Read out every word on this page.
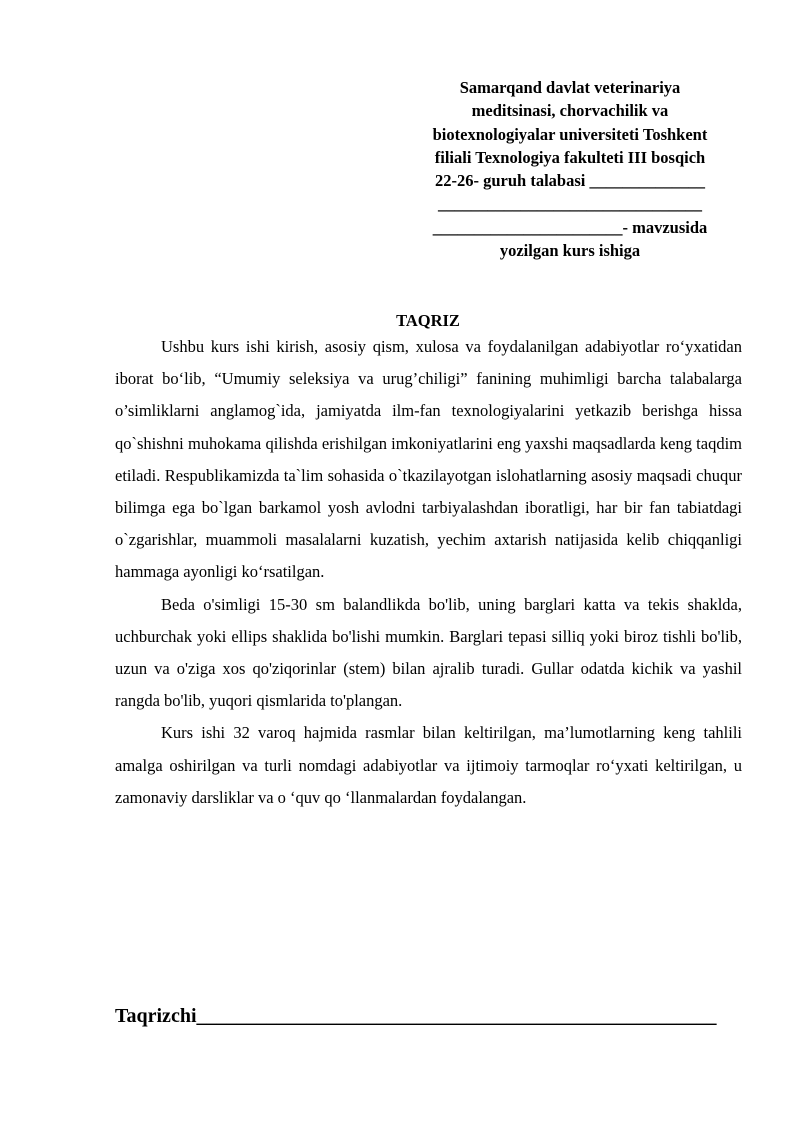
Samarqand davlat veterinariya
meditsinasi, chorvachilik va
biotexnologiyalar universiteti Toshkent
filiali Texnologiya fakulteti III bosqich
22-26- guruh talabasi ______________
________________________________
_______________________- mavzusida
yozilgan kurs ishiga
TAQRIZ

Ushbu kurs ishi kirish, asosiy qism, xulosa va foydalanilgan adabiyotlar ro‘yxatidan iborat bo‘lib, “Umumiy seleksiya va urug’chiligi” fanining muhimligi barcha talabalarga o’simliklarni anglamog`ida, jamiyatda ilm-fan texnologiyalarini yetkazib berishga hissa qo`shishni muhokama qilishda erishilgan imkoniyatlarini eng yaxshi maqsadlarda keng taqdim etiladi. Respublikamizda ta`lim sohasida o`tkazilayotgan islohatlarning asosiy maqsadi chuqur bilimga ega bo`lgan barkamol yosh avlodni tarbiyalashdan iboratligi, har bir fan tabiatdagi o`zgarishlar, muammoli masalalarni kuzatish, yechim axtarish natijasida kelib chiqqanligi hammaga ayonligi ko‘rsatilgan.

Beda o'simligi 15-30 sm balandlikda bo'lib, uning barglari katta va tekis shaklda, uchburchak yoki ellips shaklida bo'lishi mumkin. Barglari tepasi silliq yoki biroz tishli bo'lib, uzun va o'ziga xos qo'ziqorinlar (stem) bilan ajralib turadi. Gullar odatda kichik va yashil rangda bo'lib, yuqori qismlarida to'plangan.

Kurs ishi 32 varoq hajmida rasmlar bilan keltirilgan, ma’lumotlarning keng tahlili amalga oshirilgan va turli nomdagi adabiyotlar va ijtimoiy tarmoqlar ro‘yxati keltirilgan, u zamonaviy darsliklar va o ‘quv qo ‘llanmalardan foydalangan.

Taqrizchi____________________________________________________
